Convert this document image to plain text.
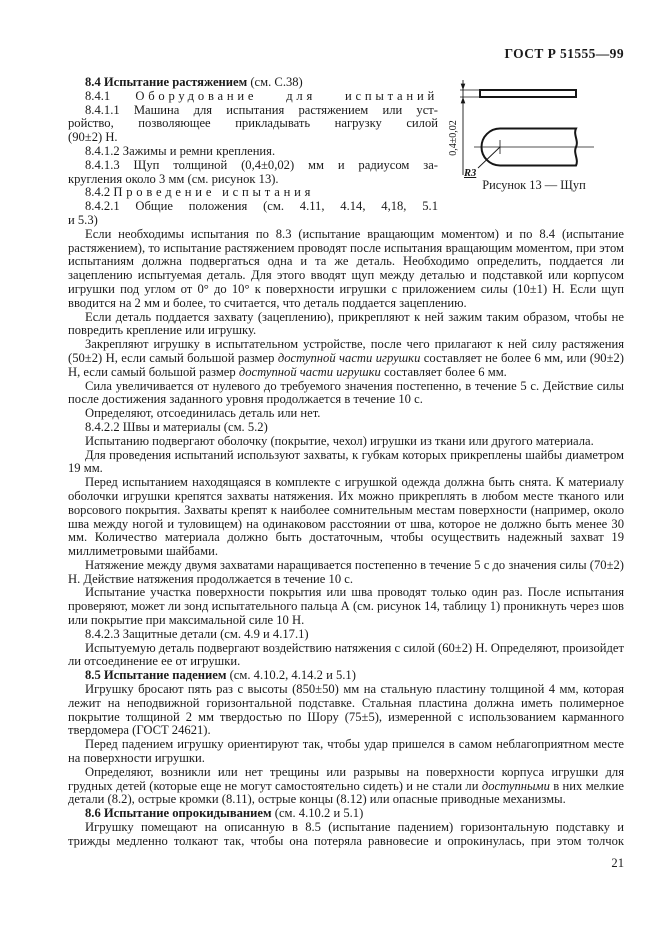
ГОСТ Р 51555—99
0,4±0,02
R3
Рисунок 13 — Щуп

8.4 Испытание растяжением (см. С.38)

8.4.1 Оборудование для испытаний

8.4.1.1 Машина для испытания растяжением или уст-

ройство, позволяющее прикладывать нагрузку силой

(90±2) Н.

8.4.1.2 Зажимы и ремни крепления.

8.4.1.3 Щуп толщиной (0,4±0,02) мм и радиусом за-

кругления около 3 мм (см. рисунок 13).

8.4.2 Проведение испытания

8.4.2.1 Общие положения (см. 4.11, 4.14, 4,18, 5.1

и 5.3)

Если необходимы испытания по 8.3 (испытание вращающим моментом) и по 8.4 (испытание растяжением), то испытание растяжением проводят после испытания вращающим моментом, при этом испытаниям должна подвергаться одна и та же деталь. Необходимо определить, поддается ли зацеплению испытуемая деталь. Для этого вводят щуп между деталью и подставкой или корпусом игрушки под углом от 0° до 10° к поверхности игрушки с приложением силы (10±1) Н. Если щуп вводится на 2 мм и более, то считается, что деталь поддается зацеплению.

Если деталь поддается захвату (зацеплению), прикрепляют к ней зажим таким образом, чтобы не повредить крепление или игрушку.

Закрепляют игрушку в испытательном устройстве, после чего прилагают к ней силу растяжения (50±2) Н, если самый большой размер доступной части игрушки составляет не более 6 мм, или (90±2) Н, если самый большой размер доступной части игрушки составляет более 6 мм.

Сила увеличивается от нулевого до требуемого значения постепенно, в течение 5 с. Действие силы после достижения заданного уровня продолжается в течение 10 с.

Определяют, отсоединилась деталь или нет.

8.4.2.2 Швы и материалы (см. 5.2)

Испытанию подвергают оболочку (покрытие, чехол) игрушки из ткани или другого материала.

Для проведения испытаний используют захваты, к губкам которых прикреплены шайбы диаметром 19 мм.

Перед испытанием находящаяся в комплекте с игрушкой одежда должна быть снята. К материалу оболочки игрушки крепятся захваты натяжения. Их можно прикреплять в любом месте тканого или ворсового покрытия. Захваты крепят к наиболее сомнительным местам поверхности (например, около шва между ногой и туловищем) на одинаковом расстоянии от шва, которое не должно быть менее 30 мм. Количество материала должно быть достаточным, чтобы осуществить надежный захват 19 миллиметровыми шайбами.

Натяжение между двумя захватами наращивается постепенно в течение 5 с до значения силы (70±2) Н. Действие натяжения продолжается в течение 10 с.

Испытание участка поверхности покрытия или шва проводят только один раз. После испытания проверяют, может ли зонд испытательного пальца А (см. рисунок 14, таблицу 1) проникнуть через шов или покрытие при максимальной силе 10 Н.

8.4.2.3 Защитные детали (см. 4.9 и 4.17.1)

Испытуемую деталь подвергают воздействию натяжения с силой (60±2) Н. Определяют, произойдет ли отсоединение ее от игрушки.

8.5 Испытание падением (см. 4.10.2, 4.14.2 и 5.1)

Игрушку бросают пять раз с высоты (850±50) мм на стальную пластину толщиной 4 мм, которая лежит на неподвижной горизонтальной подставке. Стальная пластина должна иметь полимерное покрытие толщиной 2 мм твердостью по Шору (75±5), измеренной с использованием карманного твердомера (ГОСТ 24621).

Перед падением игрушку ориентируют так, чтобы удар пришелся в самом неблагоприятном месте на поверхности игрушки.

Определяют, возникли или нет трещины или разрывы на поверхности корпуса игрушки для грудных детей (которые еще не могут самостоятельно сидеть) и не стали ли доступными в них мелкие детали (8.2), острые кромки (8.11), острые концы (8.12) или опасные приводные механизмы.

8.6 Испытание опрокидыванием (см. 4.10.2 и 5.1)

Игрушку помещают на описанную в 8.5 (испытание падением) горизонтальную подставку и трижды медленно толкают так, чтобы она потеряла равновесие и опрокинулась, при этом толчок

21
